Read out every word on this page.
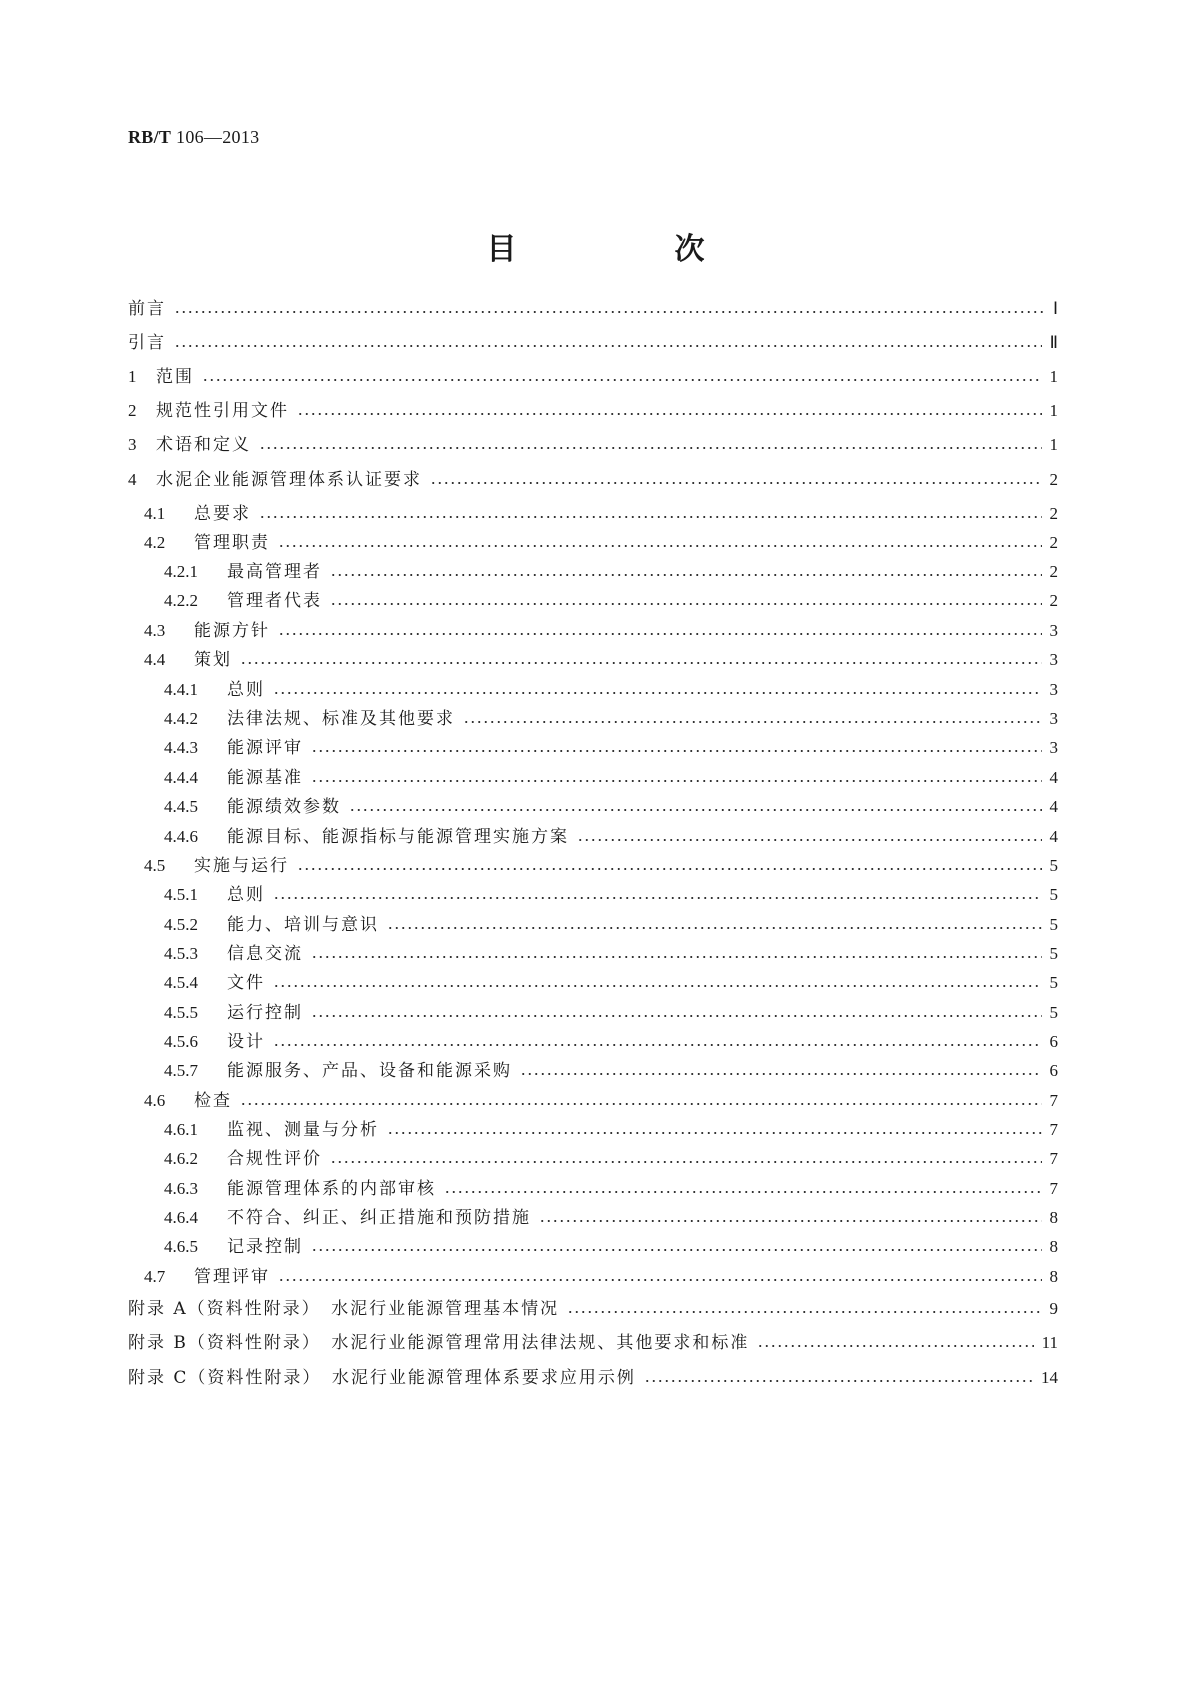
RB/T 106—2013
目　次
前言	Ⅰ
引言	Ⅱ
1	范围	1
2	规范性引用文件	1
3	术语和定义	1
4	水泥企业能源管理体系认证要求	2
4.1	总要求	2
4.2	管理职责	2
4.2.1	最高管理者	2
4.2.2	管理者代表	2
4.3	能源方针	3
4.4	策划	3
4.4.1	总则	3
4.4.2	法律法规、标准及其他要求	3
4.4.3	能源评审	3
4.4.4	能源基准	4
4.4.5	能源绩效参数	4
4.4.6	能源目标、能源指标与能源管理实施方案	4
4.5	实施与运行	5
4.5.1	总则	5
4.5.2	能力、培训与意识	5
4.5.3	信息交流	5
4.5.4	文件	5
4.5.5	运行控制	5
4.5.6	设计	6
4.5.7	能源服务、产品、设备和能源采购	6
4.6	检查	7
4.6.1	监视、测量与分析	7
4.6.2	合规性评价	7
4.6.3	能源管理体系的内部审核	7
4.6.4	不符合、纠正、纠正措施和预防措施	8
4.6.5	记录控制	8
4.7	管理评审	8
附录 A（资料性附录）　水泥行业能源管理基本情况	9
附录 B（资料性附录）　水泥行业能源管理常用法律法规、其他要求和标准	11
附录 C（资料性附录）　水泥行业能源管理体系要求应用示例	14
